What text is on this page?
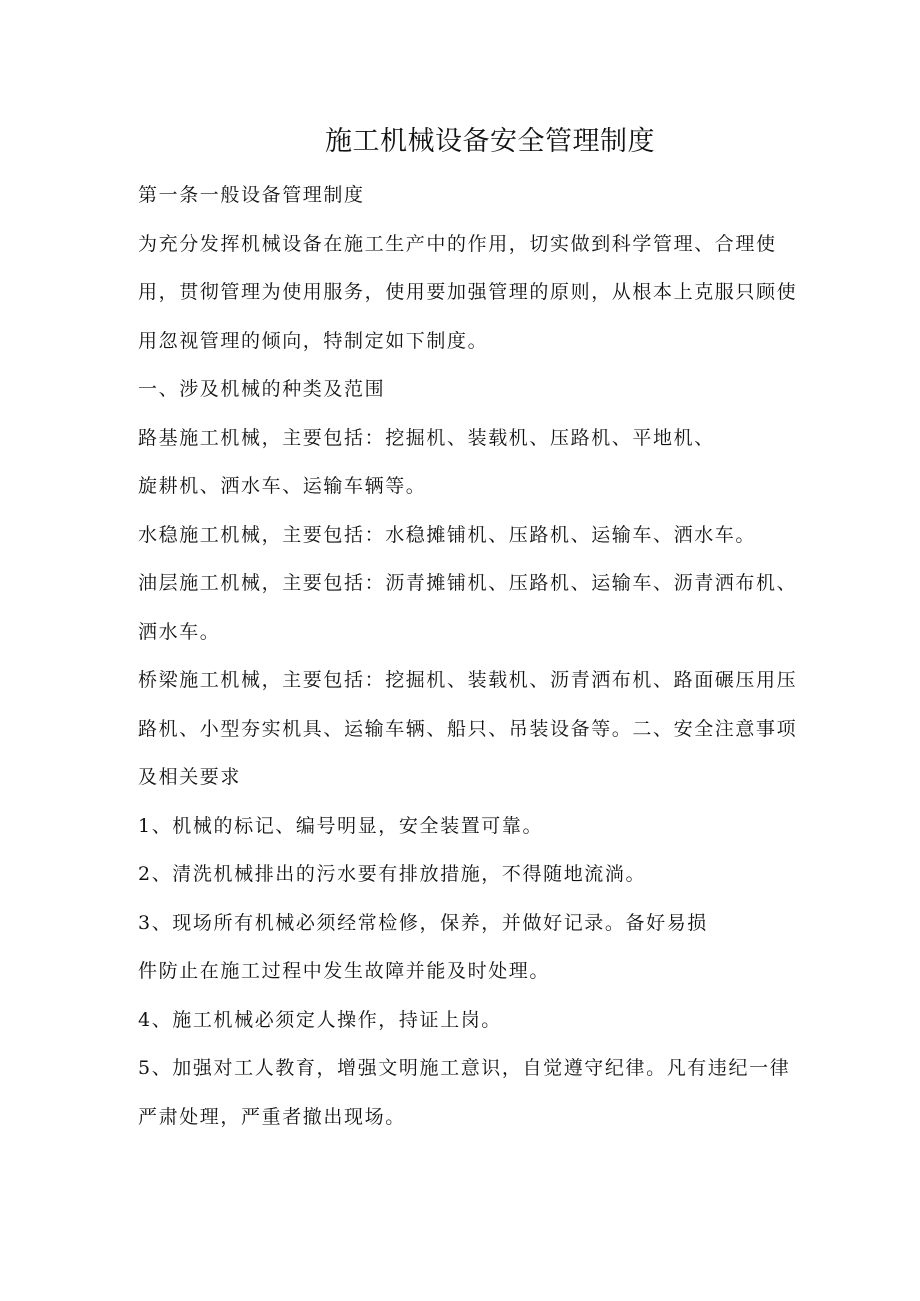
施工机械设备安全管理制度
第一条一般设备管理制度
为充分发挥机械设备在施工生产中的作用，切实做到科学管理、合理使
用，贯彻管理为使用服务，使用要加强管理的原则，从根本上克服只顾使
用忽视管理的倾向，特制定如下制度。
一、涉及机械的种类及范围
路基施工机械，主要包括：挖掘机、装载机、压路机、平地机、
旋耕机、洒水车、运输车辆等。
水稳施工机械，主要包括：水稳摊铺机、压路机、运输车、洒水车。
油层施工机械，主要包括：沥青摊铺机、压路机、运输车、沥青洒布机、
洒水车。
桥梁施工机械，主要包括：挖掘机、装载机、沥青洒布机、路面碾压用压
路机、小型夯实机具、运输车辆、船只、吊装设备等。二、安全注意事项
及相关要求
1、机械的标记、编号明显，安全装置可靠。
2、清洗机械排出的污水要有排放措施，不得随地流淌。
3、现场所有机械必须经常检修，保养，并做好记录。备好易损
件防止在施工过程中发生故障并能及时处理。
4、施工机械必须定人操作，持证上岗。
5、加强对工人教育，增强文明施工意识，自觉遵守纪律。凡有违纪一律
严肃处理，严重者撤出现场。
